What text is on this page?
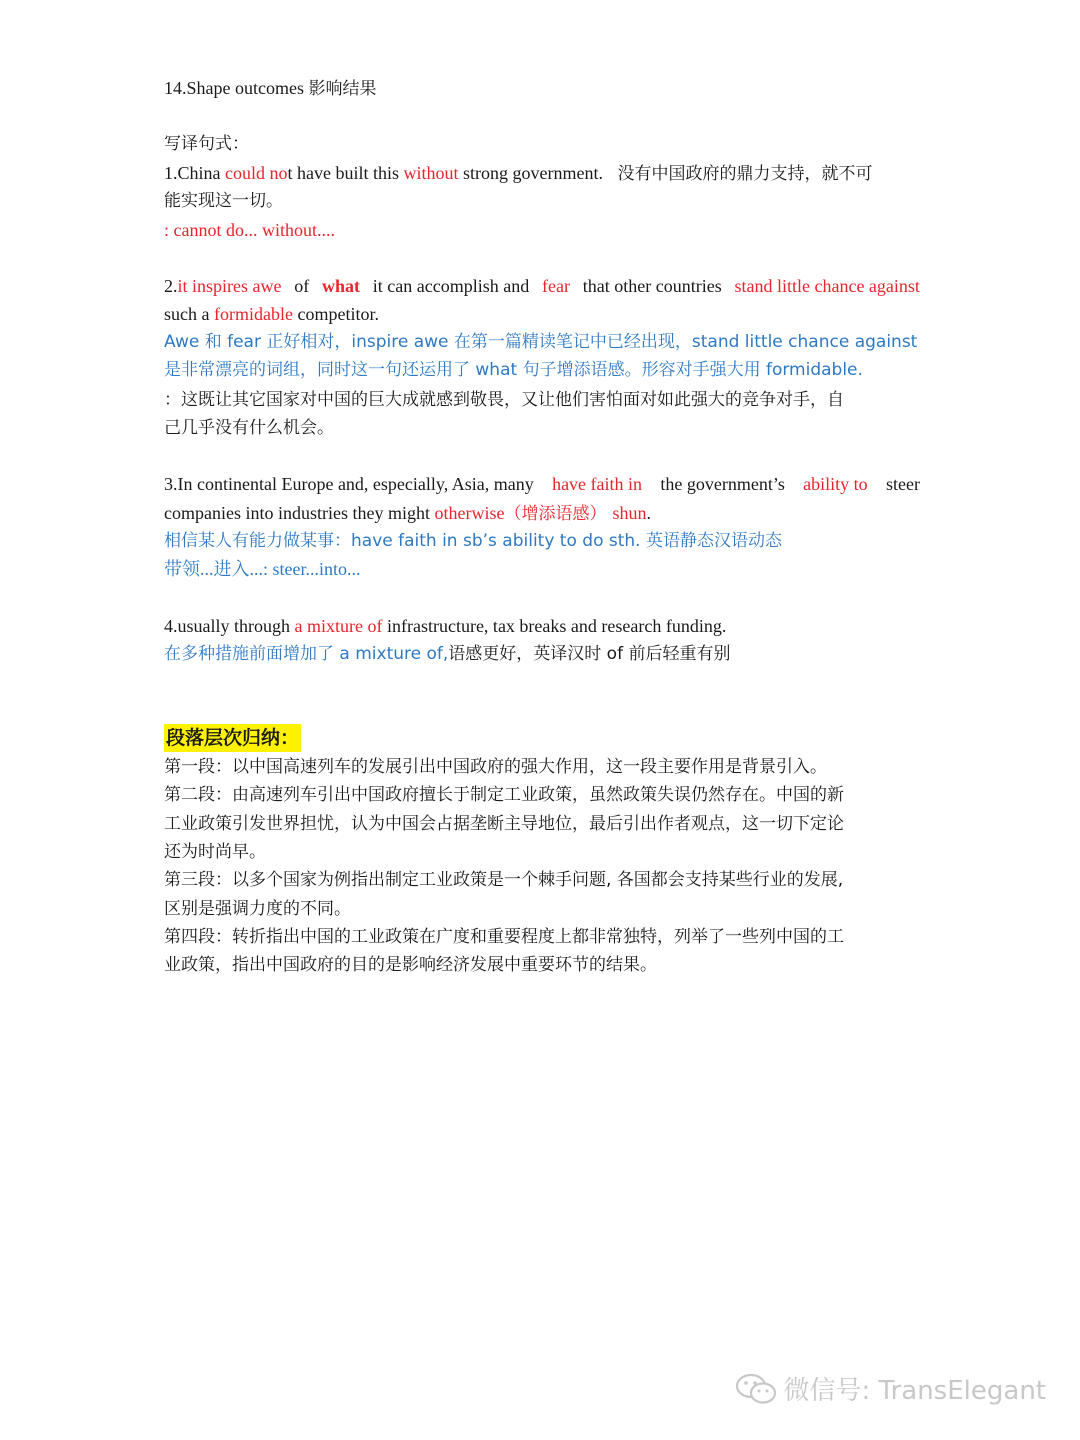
14.Shape outcomes 影响结果
写译句式：
1.China could not have built this without strong government. 没有中国政府的鼎力支持，就不可
能实现这一切。
: cannot do... without....
2.it inspires awe of what it can accomplish and fear that other countries stand little chance against
such a formidable competitor.
Awe 和 fear 正好相对，inspire awe 在第一篇精读笔记中已经出现，stand little chance against
是非常漂亮的词组，同时这一句还运用了 what 句子增添语感。形容对手强大用 formidable.
：这既让其它国家对中国的巨大成就感到敬畏，又让他们害怕面对如此强大的竞争对手，自
己几乎没有什么机会。
3.In continental Europe and, especially, Asia, many have faith in the government’s ability to steer
companies into industries they might otherwise（增添语感） shun.
相信某人有能力做某事：have faith in sb’s ability to do sth. 英语静态汉语动态
带领...进入...: steer...into...
4.usually through a mixture of infrastructure, tax breaks and research funding.
在多种措施前面增加了 a mixture of,语感更好，英译汉时 of 前后轻重有别
段落层次归纳：
第一段：以中国高速列车的发展引出中国政府的强大作用，这一段主要作用是背景引入。
第二段：由高速列车引出中国政府擅长于制定工业政策，虽然政策失误仍然存在。中国的新
工业政策引发世界担忧，认为中国会占据垄断主导地位，最后引出作者观点，这一切下定论
还为时尚早。
第三段：以多个国家为例指出制定工业政策是一个棘手问题, 各国都会支持某些行业的发展,
区别是强调力度的不同。
第四段：转折指出中国的工业政策在广度和重要程度上都非常独特，列举了一些列中国的工
业政策，指出中国政府的目的是影响经济发展中重要环节的结果。
微信号: TransElegant
